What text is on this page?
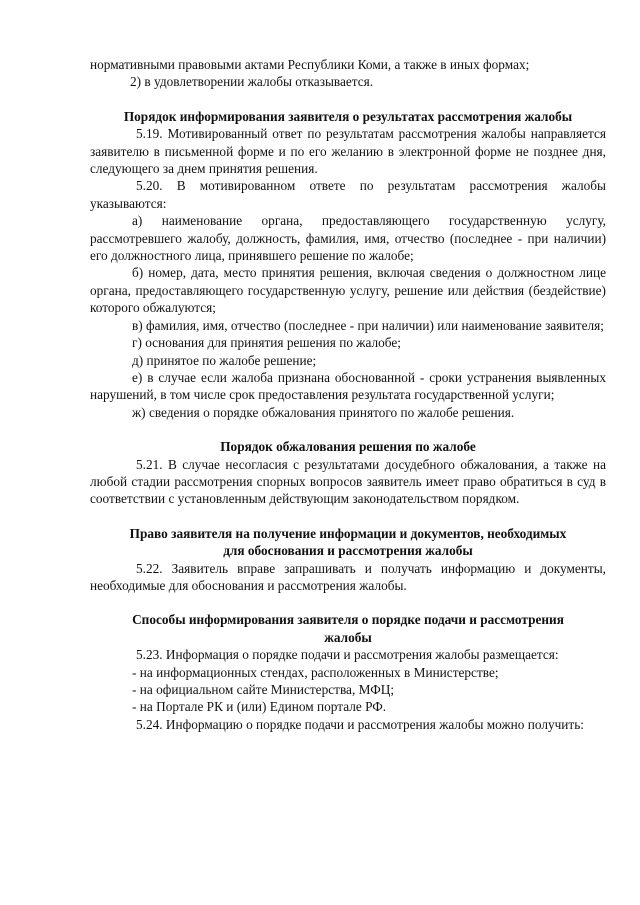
нормативными правовыми актами Республики Коми, а также в иных формах;

2) в удовлетворении жалобы отказывается.

Порядок информирования заявителя о результатах рассмотрения жалобы

5.19. Мотивированный ответ по результатам рассмотрения жалобы направляется заявителю в письменной форме и по его желанию в электронной форме не позднее дня, следующего за днем принятия решения.

5.20. В мотивированном ответе по результатам рассмотрения жалобы указываются:

а) наименование органа, предоставляющего государственную услугу, рассмотревшего жалобу, должность, фамилия, имя, отчество (последнее - при наличии) его должностного лица, принявшего решение по жалобе;

б) номер, дата, место принятия решения, включая сведения о должностном лице органа, предоставляющего государственную услугу, решение или действия (бездействие) которого обжалуются;

в) фамилия, имя, отчество (последнее - при наличии) или наименование заявителя;

г) основания для принятия решения по жалобе;

д) принятое по жалобе решение;

е) в случае если жалоба признана обоснованной - сроки устранения выявленных нарушений, в том числе срок предоставления результата государственной услуги;

ж) сведения о порядке обжалования принятого по жалобе решения.

Порядок обжалования решения по жалобе

5.21. В случае несогласия с результатами досудебного обжалования, а также на любой стадии рассмотрения спорных вопросов заявитель имеет право обратиться в суд в соответствии с установленным действующим законодательством порядком.

Право заявителя на получение информации и документов, необходимых
для обоснования и рассмотрения жалобы

5.22. Заявитель вправе запрашивать и получать информацию и документы, необходимые для обоснования и рассмотрения жалобы.

Способы информирования заявителя о порядке подачи и рассмотрения
жалобы

5.23. Информация о порядке подачи и рассмотрения жалобы размещается:

- на информационных стендах, расположенных в Министерстве;

- на официальном сайте Министерства, МФЦ;

- на Портале РК и (или) Едином портале РФ.

5.24. Информацию о порядке подачи и рассмотрения жалобы можно получить:
